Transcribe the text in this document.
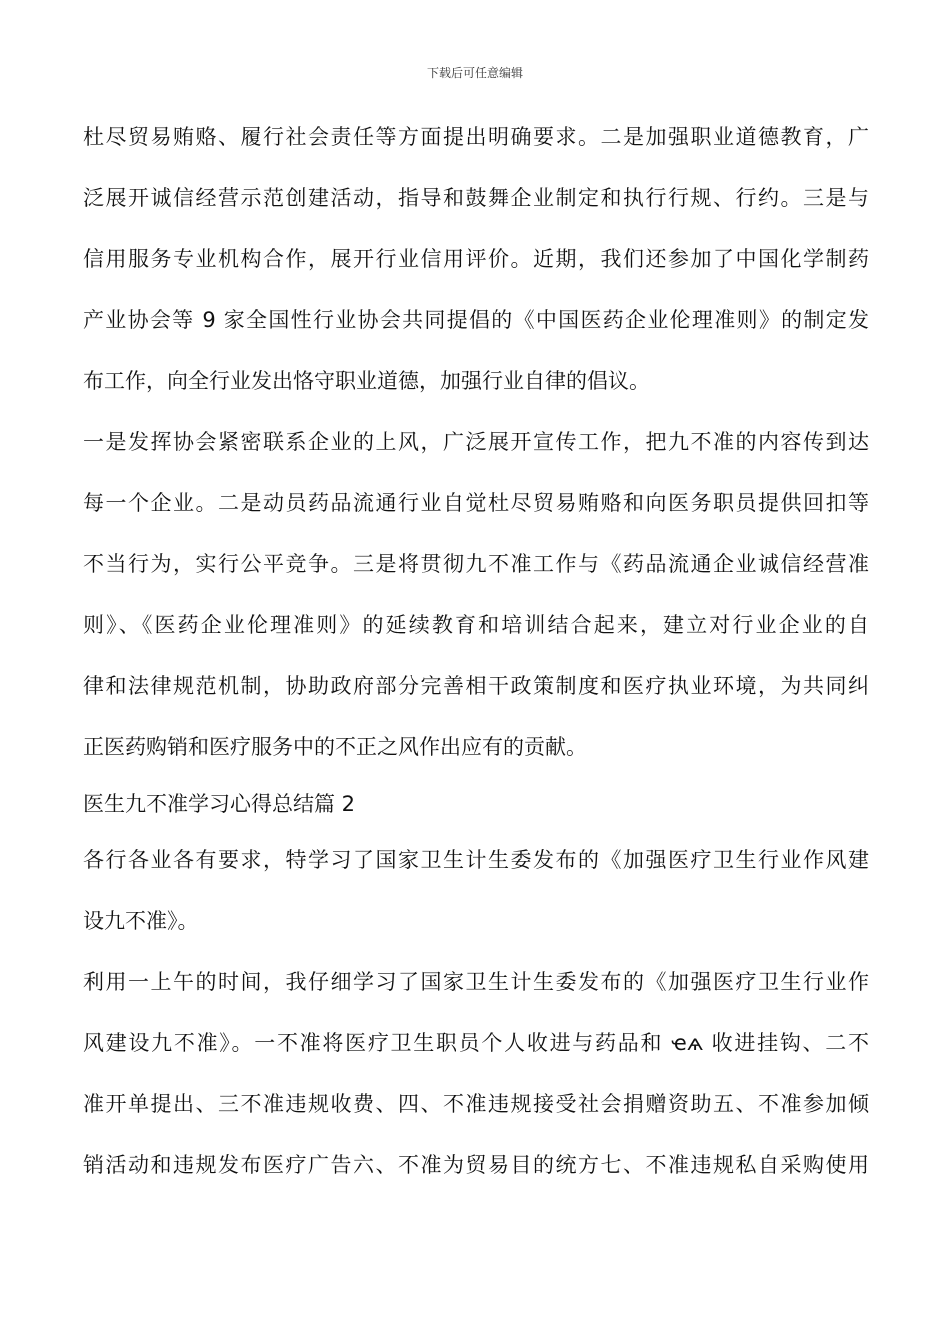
下载后可任意编辑
杜尽贸易贿赂、履行社会责任等方面提出明确要求。二是加强职业道德教育，广
泛展开诚信经营示范创建活动，指导和鼓舞企业制定和执行行规、行约。三是与
信用服务专业机构合作，展开行业信用评价。近期，我们还参加了中国化学制药
产业协会等 9 家全国性行业协会共同提倡的《中国医药企业伦理准则》的制定发
布工作，向全行业发出恪守职业道德，加强行业自律的倡议。
一是发挥协会紧密联系企业的上风，广泛展开宣传工作，把九不准的内容传到达
每一个企业。二是动员药品流通行业自觉杜尽贸易贿赂和向医务职员提供回扣等
不当行为，实行公平竞争。三是将贯彻九不准工作与《药品流通企业诚信经营准
则》、《医药企业伦理准则》的延续教育和培训结合起来，建立对行业企业的自
律和法律规范机制，协助政府部分完善相干政策制度和医疗执业环境，为共同纠
正医药购销和医疗服务中的不正之风作出应有的贡献。
医生九不准学习心得总结篇 2
各行各业各有要求，特学习了国家卫生计生委发布的《加强医疗卫生行业作风建
设九不准》。
利用一上午的时间，我仔细学习了国家卫生计生委发布的《加强医疗卫生行业作
风建设九不准》。一不准将医疗卫生职员个人收进与药品和 ҽѧ 收进挂钩、二不
准开单提出、三不准违规收费、四、不准违规接受社会捐赠资助五、不准参加倾
销活动和违规发布医疗广告六、不准为贸易目的统方七、不准违规私自采购使用
